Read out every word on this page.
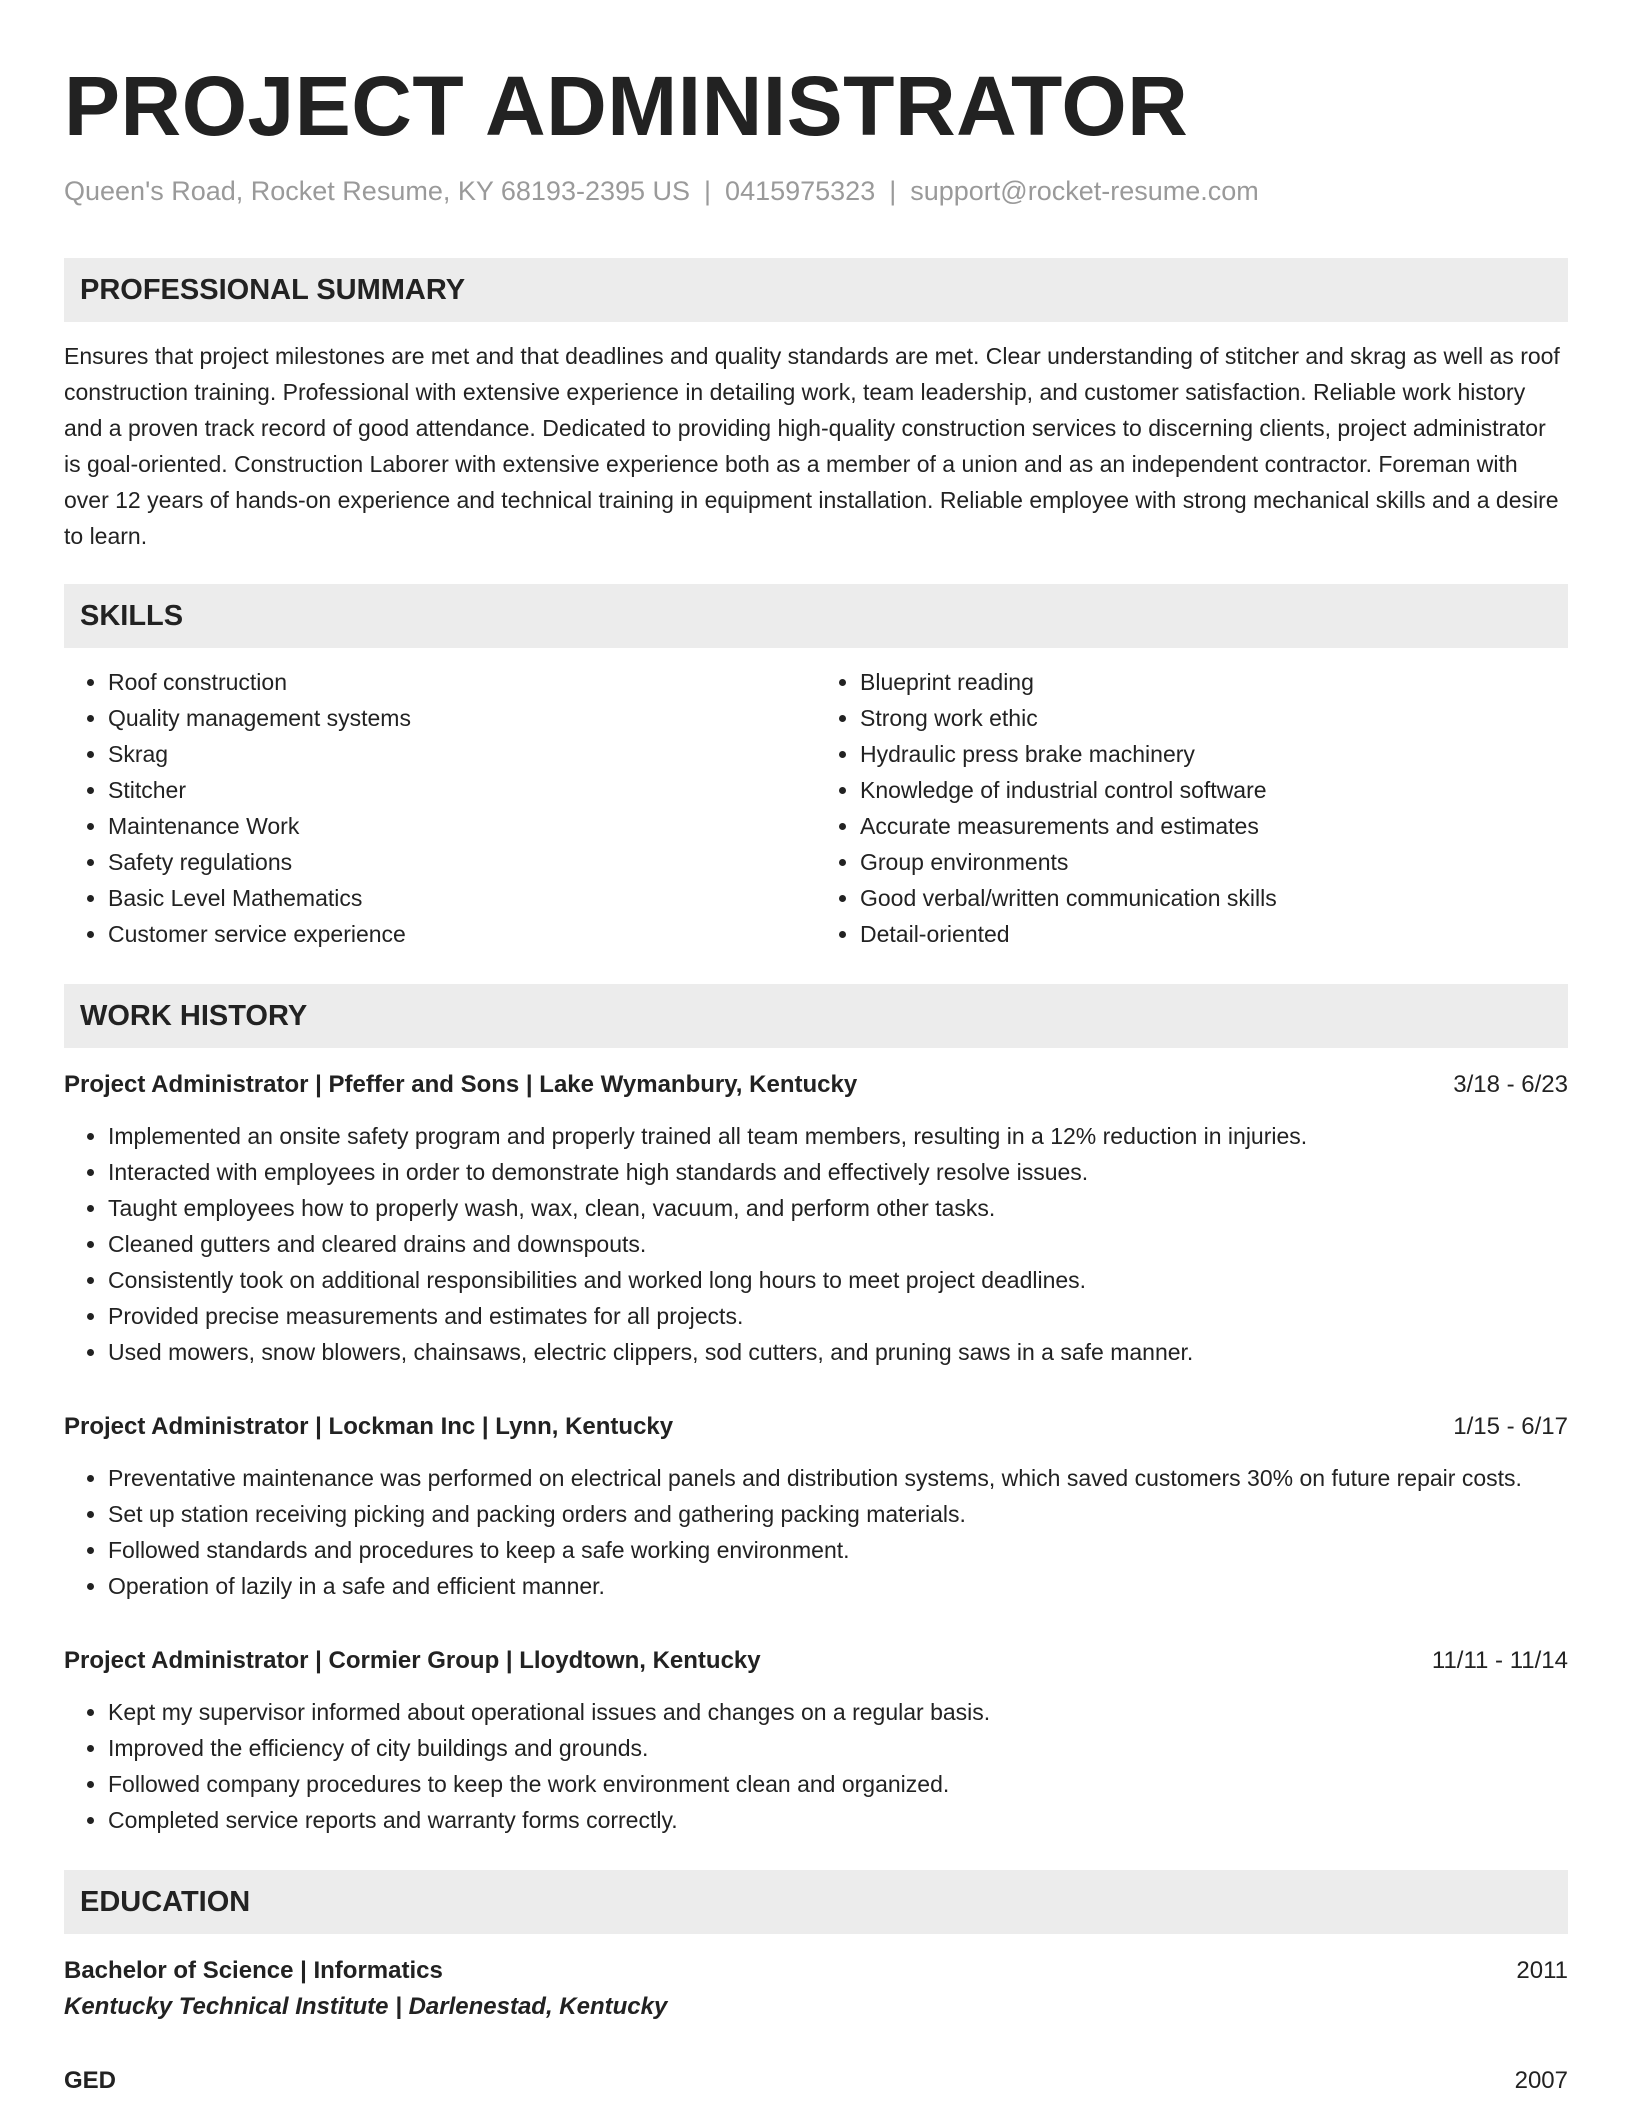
PROJECT ADMINISTRATOR
Queen's Road, Rocket Resume, KY 68193-2395 US | 0415975323 | support@rocket-resume.com
PROFESSIONAL SUMMARY
Ensures that project milestones are met and that deadlines and quality standards are met. Clear understanding of stitcher and skrag as well as roof construction training. Professional with extensive experience in detailing work, team leadership, and customer satisfaction. Reliable work history and a proven track record of good attendance. Dedicated to providing high-quality construction services to discerning clients, project administrator is goal-oriented. Construction Laborer with extensive experience both as a member of a union and as an independent contractor. Foreman with over 12 years of hands-on experience and technical training in equipment installation. Reliable employee with strong mechanical skills and a desire to learn.
SKILLS
• Roof construction
• Quality management systems
• Skrag
• Stitcher
• Maintenance Work
• Safety regulations
• Basic Level Mathematics
• Customer service experience
• Blueprint reading
• Strong work ethic
• Hydraulic press brake machinery
• Knowledge of industrial control software
• Accurate measurements and estimates
• Group environments
• Good verbal/written communication skills
• Detail-oriented
WORK HISTORY
Project Administrator | Pfeffer and Sons | Lake Wymanbury, Kentucky	3/18 - 6/23
• Implemented an onsite safety program and properly trained all team members, resulting in a 12% reduction in injuries.
• Interacted with employees in order to demonstrate high standards and effectively resolve issues.
• Taught employees how to properly wash, wax, clean, vacuum, and perform other tasks.
• Cleaned gutters and cleared drains and downspouts.
• Consistently took on additional responsibilities and worked long hours to meet project deadlines.
• Provided precise measurements and estimates for all projects.
• Used mowers, snow blowers, chainsaws, electric clippers, sod cutters, and pruning saws in a safe manner.
Project Administrator | Lockman Inc | Lynn, Kentucky	1/15 - 6/17
• Preventative maintenance was performed on electrical panels and distribution systems, which saved customers 30% on future repair costs.
• Set up station receiving picking and packing orders and gathering packing materials.
• Followed standards and procedures to keep a safe working environment.
• Operation of lazily in a safe and efficient manner.
Project Administrator | Cormier Group | Lloydtown, Kentucky	11/11 - 11/14
• Kept my supervisor informed about operational issues and changes on a regular basis.
• Improved the efficiency of city buildings and grounds.
• Followed company procedures to keep the work environment clean and organized.
• Completed service reports and warranty forms correctly.
EDUCATION
Bachelor of Science | Informatics	2011
Kentucky Technical Institute | Darlenestad, Kentucky
GED	2007
